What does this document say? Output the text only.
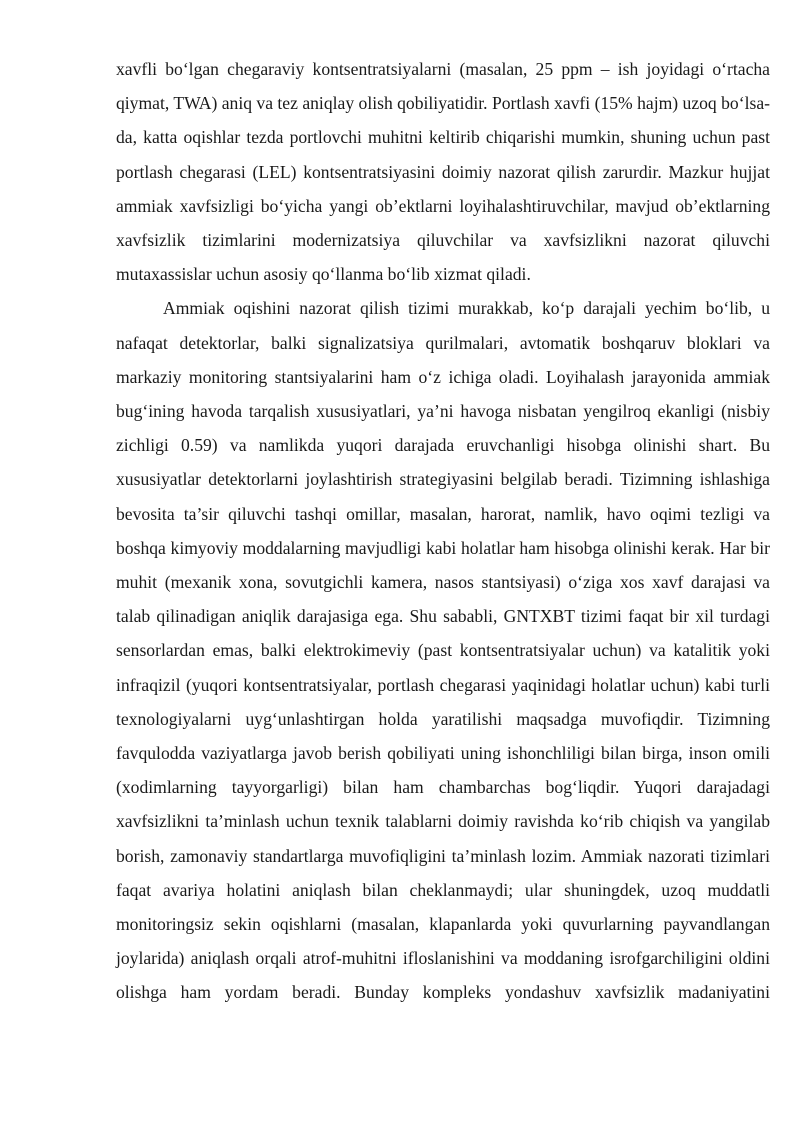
xavfli bo‘lgan chegaraviy kontsentratsiyalarni (masalan, 25 ppm – ish joyidagi o‘rtacha qiymat, TWA) aniq va tez aniqlay olish qobiliyatidir. Portlash xavfi (15% hajm) uzoq bo‘lsa-da, katta oqishlar tezda portlovchi muhitni keltirib chiqarishi mumkin, shuning uchun past portlash chegarasi (LEL) kontsentratsiyasini doimiy nazorat qilish zarurdir. Mazkur hujjat ammiak xavfsizligi bo‘yicha yangi ob’ektlarni loyihalashtiruvchilar, mavjud ob’ektlarning xavfsizlik tizimlarini modernizatsiya qiluvchilar va xavfsizlikni nazorat qiluvchi mutaxassislar uchun asosiy qo‘llanma bo‘lib xizmat qiladi.

Ammiak oqishini nazorat qilish tizimi murakkab, ko‘p darajali yechim bo‘lib, u nafaqat detektorlar, balki signalizatsiya qurilmalari, avtomatik boshqaruv bloklari va markaziy monitoring stantsiyalarini ham o‘z ichiga oladi. Loyihalash jarayonida ammiak bug‘ining havoda tarqalish xususiyatlari, ya’ni havoga nisbatan yengilroq ekanligi (nisbiy zichligi 0.59) va namlikda yuqori darajada eruvchanligi hisobga olinishi shart. Bu xususiyatlar detektorlarni joylashtirish strategiyasini belgilab beradi. Tizimning ishlashiga bevosita ta’sir qiluvchi tashqi omillar, masalan, harorat, namlik, havo oqimi tezligi va boshqa kimyoviy moddalarning mavjudligi kabi holatlar ham hisobga olinishi kerak. Har bir muhit (mexanik xona, sovutgichli kamera, nasos stantsiyasi) o‘ziga xos xavf darajasi va talab qilinadigan aniqlik darajasiga ega. Shu sababli, GNTXBT tizimi faqat bir xil turdagi sensorlardan emas, balki elektrokimeviy (past kontsentratsiyalar uchun) va katalitik yoki infraqizil (yuqori kontsentratsiyalar, portlash chegarasi yaqinidagi holatlar uchun) kabi turli texnologiyalarni uyg‘unlashtirgan holda yaratilishi maqsadga muvofiqdir. Tizimning favqulodda vaziyatlarga javob berish qobiliyati uning ishonchliligi bilan birga, inson omili (xodimlarning tayyorgarligi) bilan ham chambarchas bog‘liqdir. Yuqori darajadagi xavfsizlikni ta’minlash uchun texnik talablarni doimiy ravishda ko‘rib chiqish va yangilab borish, zamonaviy standartlarga muvofiqligini ta’minlash lozim. Ammiak nazorati tizimlari faqat avariya holatini aniqlash bilan cheklanmaydi; ular shuningdek, uzoq muddatli monitoringsiz sekin oqishlarni (masalan, klapanlarda yoki quvurlarning payvandlangan joylarida) aniqlash orqali atrof-muhitni ifloslanishini va moddaning isrofgarchiligini oldini olishga ham yordam beradi. Bunday kompleks yondashuv xavfsizlik madaniyatini
